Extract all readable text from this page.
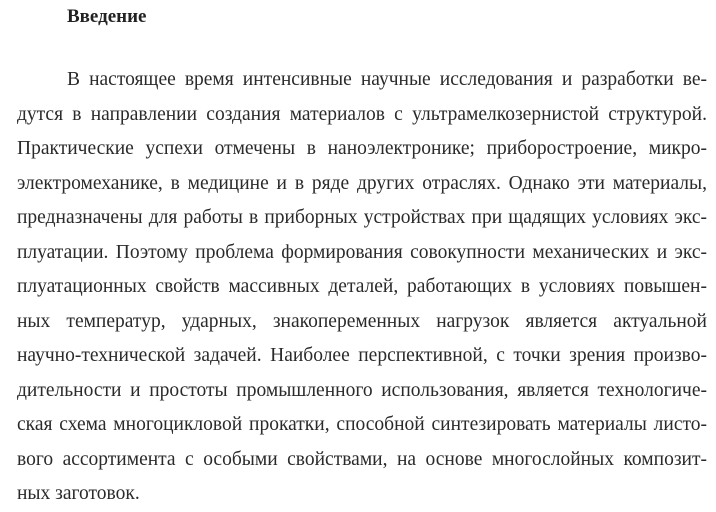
Введение
В настоящее время интенсивные научные исследования и разработки ве-
дутся в направлении создания материалов с ультрамелкозернистой структурой.
Практические успехи отмечены в наноэлектронике; приборостроение, микро-
электромеханике, в медицине и в ряде других отраслях. Однако эти материалы,
предназначены для работы в приборных устройствах при щадящих условиях экс-
плуатации. Поэтому проблема формирования совокупности механических и экс-
плуатационных свойств массивных деталей, работающих в условиях повышен-
ных температур, ударных, знакопеременных нагрузок является актуальной
научно-технической задачей. Наиболее перспективной, с точки зрения произво-
дительности и простоты промышленного использования, является технологиче-
ская схема многоцикловой прокатки, способной синтезировать материалы листо-
вого ассортимента с особыми свойствами, на основе многослойных композит-
ных заготовок.
